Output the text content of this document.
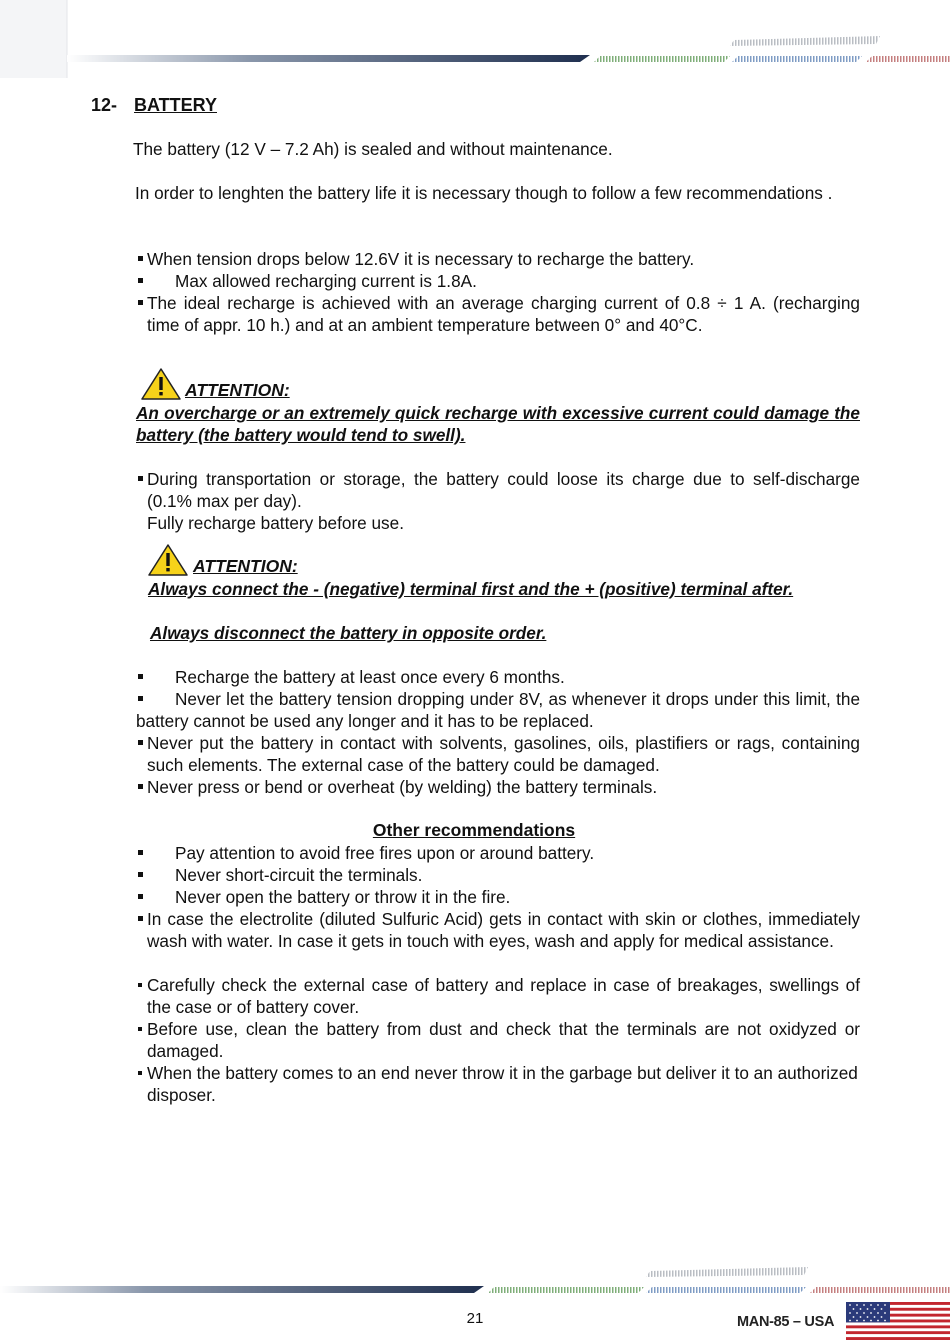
12- BATTERY
The battery (12 V – 7.2 Ah) is sealed and without maintenance.
In order to lenghten the battery life it is necessary though to follow a few recommendations .
When tension drops below 12.6V it is necessary to recharge the battery.
Max allowed recharging current is 1.8A.
The ideal recharge is achieved with an average charging current of 0.8 ÷ 1 A. (recharging time of appr. 10 h.) and at an ambient temperature between 0° and 40°C.
ATTENTION:
An overcharge or an extremely quick recharge with excessive current could damage the battery (the battery would tend to swell).
During transportation or storage, the battery could loose its charge due to self-discharge (0.1% max per day).
Fully recharge battery before use.
ATTENTION:
Always connect the - (negative) terminal first and the + (positive) terminal after.
Always disconnect the battery in opposite order.
Recharge the battery at least once every 6 months.
Never let the battery tension dropping under 8V, as whenever it drops under this limit, the battery cannot be used any longer and it has to be replaced.
Never put the battery in contact with solvents, gasolines, oils, plastifiers or rags, containing such elements. The external case of the battery could be damaged.
Never press or bend or overheat (by welding) the battery terminals.
Other recommendations
Pay attention to avoid free fires upon or around battery.
Never short-circuit the terminals.
Never open the battery or throw it in the fire.
In case the electrolite (diluted Sulfuric Acid) gets in contact with skin or clothes, immediately wash with water. In case it gets in touch with eyes, wash and apply for medical assistance.
Carefully check the external case of battery and replace in case of breakages, swellings of the case or of battery cover.
Before use, clean the battery from dust and check that the terminals are not oxidyzed or damaged.
When the battery comes to an end never throw it in the garbage but deliver it to an authorized disposer.
21	MAN-85 – USA
